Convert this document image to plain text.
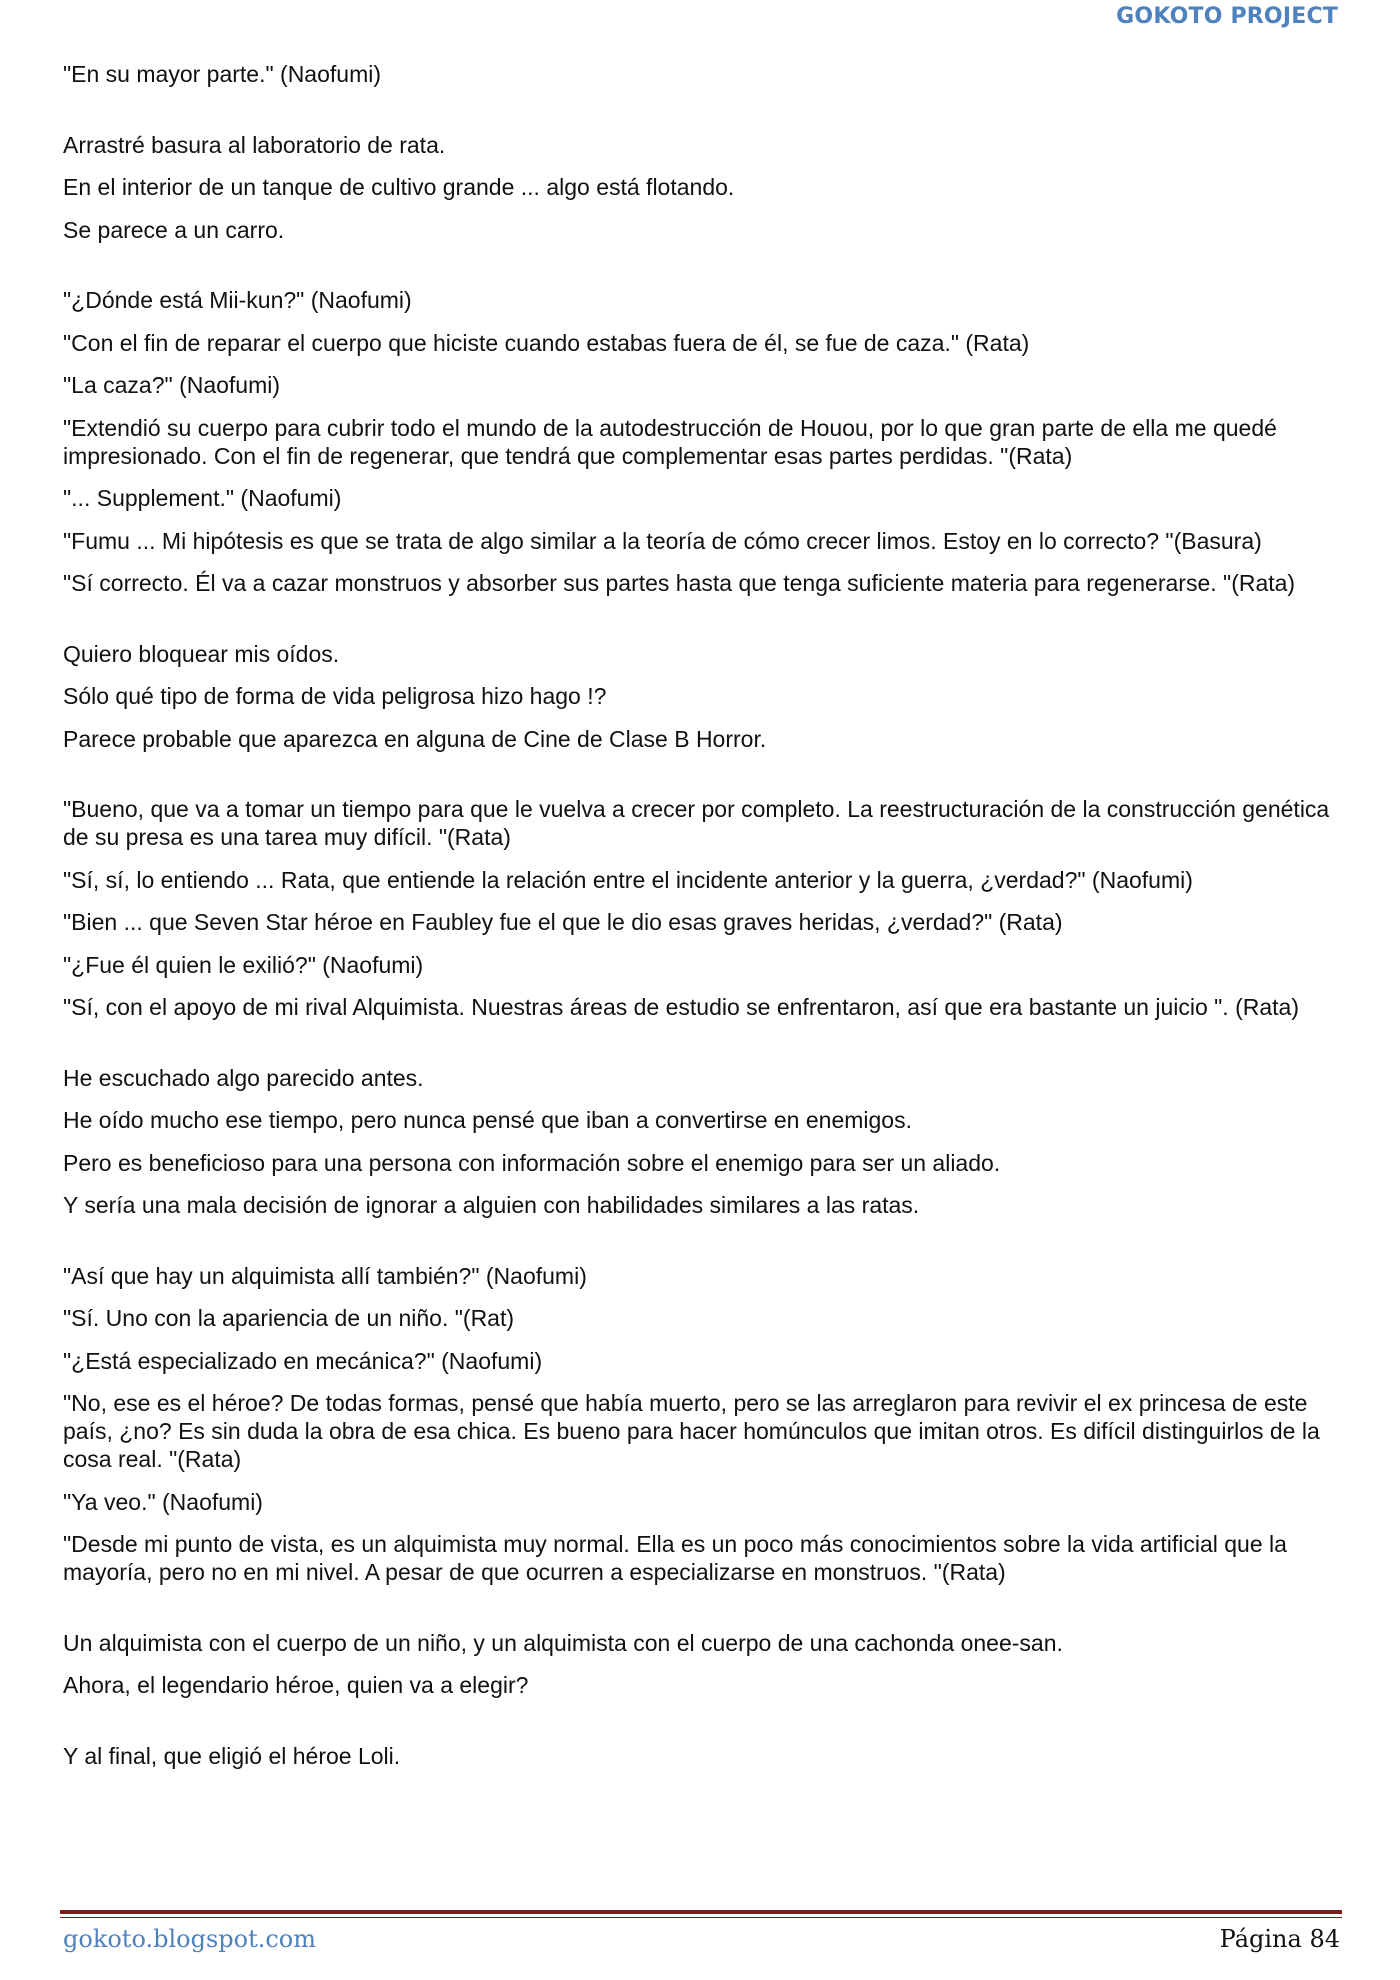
GOKOTO PROJECT
"En su mayor parte." (Naofumi)
Arrastré basura al laboratorio de rata.
En el interior de un tanque de cultivo grande ... algo está flotando.
Se parece a un carro.
"¿Dónde está Mii-kun?" (Naofumi)
"Con el fin de reparar el cuerpo que hiciste cuando estabas fuera de él, se fue de caza." (Rata)
"La caza?" (Naofumi)
"Extendió su cuerpo para cubrir todo el mundo de la autodestrucción de Houou, por lo que gran parte de ella me quedé impresionado. Con el fin de regenerar, que tendrá que complementar esas partes perdidas. "(Rata)
"... Supplement." (Naofumi)
"Fumu ... Mi hipótesis es que se trata de algo similar a la teoría de cómo crecer limos. Estoy en lo correcto? "(Basura)
"Sí correcto. Él va a cazar monstruos y absorber sus partes hasta que tenga suficiente materia para regenerarse. "(Rata)
Quiero bloquear mis oídos.
Sólo qué tipo de forma de vida peligrosa hizo hago !?
Parece probable que aparezca en alguna de Cine de Clase B Horror.
"Bueno, que va a tomar un tiempo para que le vuelva a crecer por completo. La reestructuración de la construcción genética de su presa es una tarea muy difícil. "(Rata)
"Sí, sí, lo entiendo ... Rata, que entiende la relación entre el incidente anterior y la guerra, ¿verdad?" (Naofumi)
"Bien ... que Seven Star héroe en Faubley fue el que le dio esas graves heridas, ¿verdad?" (Rata)
"¿Fue él quien le exilió?" (Naofumi)
"Sí, con el apoyo de mi rival Alquimista. Nuestras áreas de estudio se enfrentaron, así que era bastante un juicio ". (Rata)
He escuchado algo parecido antes.
He oído mucho ese tiempo, pero nunca pensé que iban a convertirse en enemigos.
Pero es beneficioso para una persona con información sobre el enemigo para ser un aliado.
Y sería una mala decisión de ignorar a alguien con habilidades similares a las ratas.
"Así que hay un alquimista allí también?" (Naofumi)
"Sí. Uno con la apariencia de un niño. "(Rat)
"¿Está especializado en mecánica?" (Naofumi)
"No, ese es el héroe? De todas formas, pensé que había muerto, pero se las arreglaron para revivir el ex princesa de este país, ¿no? Es sin duda la obra de esa chica. Es bueno para hacer homúnculos que imitan otros. Es difícil distinguirlos de la cosa real. "(Rata)
"Ya veo." (Naofumi)
"Desde mi punto de vista, es un alquimista muy normal. Ella es un poco más conocimientos sobre la vida artificial que la mayoría, pero no en mi nivel. A pesar de que ocurren a especializarse en monstruos. "(Rata)
Un alquimista con el cuerpo de un niño, y un alquimista con el cuerpo de una cachonda onee-san.
Ahora, el legendario héroe, quien va a elegir?
Y al final, que eligió el héroe Loli.
gokoto.blogspot.com	Página 84
